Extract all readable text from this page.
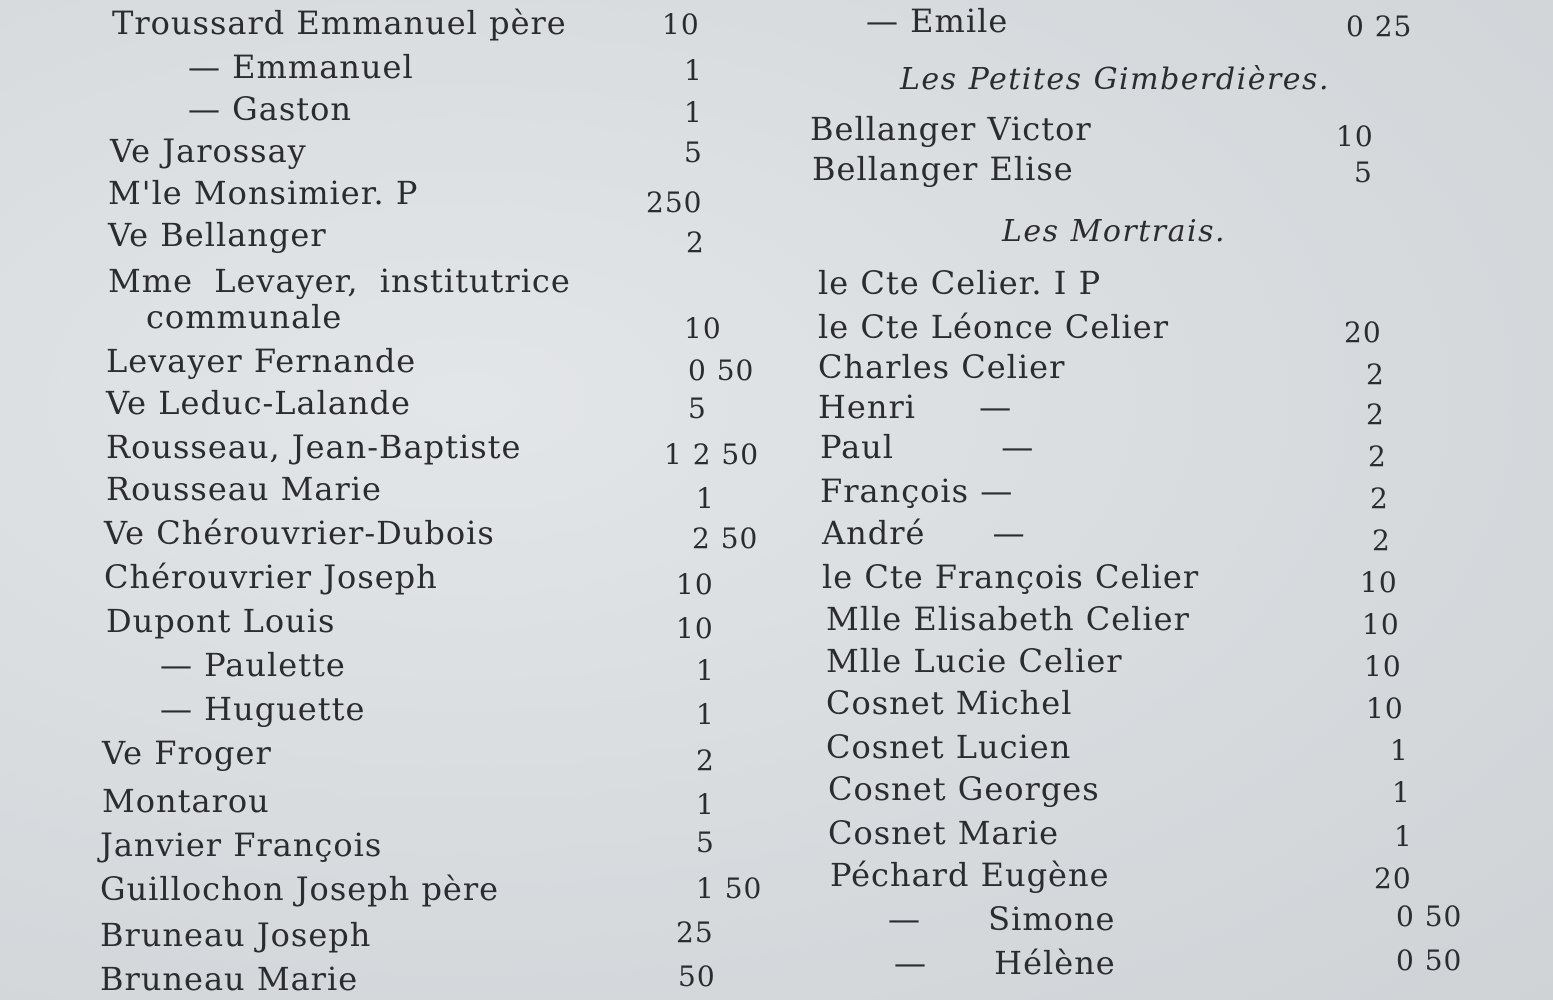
Troussard Emmanuel père	10
— Emmanuel	1
— Gaston	1
Ve Jarossay	5
M'le Monsimier. P	250
Ve Bellanger	2
Mme Levayer, institutrice
communale	10
Levayer Fernande	0 50
Ve Leduc-Lalande	5
Rousseau, Jean-Baptiste	1 2 50
Rousseau Marie	1
Ve Chérouvrier-Dubois	2 50
Chérouvrier Joseph	10
Dupont Louis	10
— Paulette	1
— Huguette	1
Ve Froger	2
Montarou	1
Janvier François	5
Guillochon Joseph père	1 50
Bruneau Joseph	25
Bruneau Marie	50
— Emile	0 25
Les Petites Gimberdières.
Bellanger Victor	10
Bellanger Elise	5
Les Mortrais.
le Cte Celier. I P
le Cte Léonce Celier	20
Charles Celier	2
Henri —	2
Paul —	2
François —	2
André —	2
le Cte François Celier	10
Mlle Elisabeth Celier	10
Mlle Lucie Celier	10
Cosnet Michel	10
Cosnet Lucien	1
Cosnet Georges	1
Cosnet Marie	1
Péchard Eugène	20
— Simone	0 50
— Hélène	0 50
